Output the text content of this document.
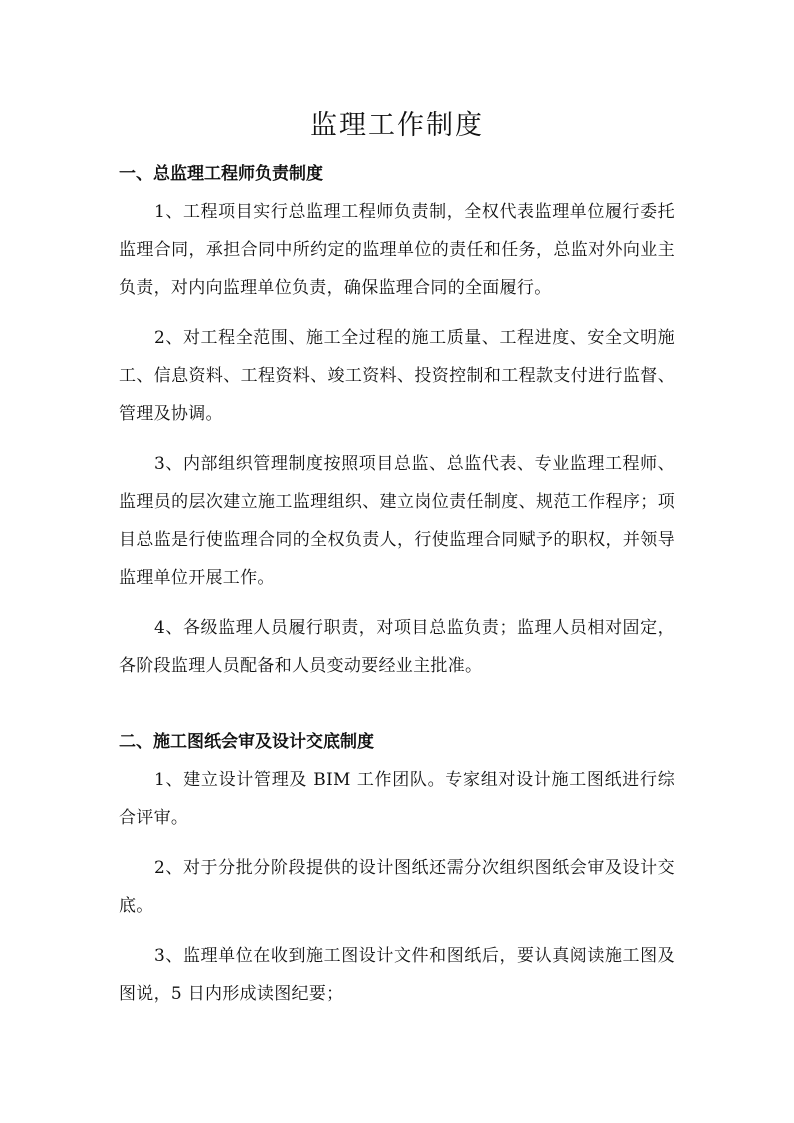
监理工作制度

一、总监理工程师负责制度

1、工程项目实行总监理工程师负责制，全权代表监理单位履行委托监理合同，承担合同中所约定的监理单位的责任和任务，总监对外向业主负责，对内向监理单位负责，确保监理合同的全面履行。

2、对工程全范围、施工全过程的施工质量、工程进度、安全文明施工、信息资料、工程资料、竣工资料、投资控制和工程款支付进行监督、管理及协调。

3、内部组织管理制度按照项目总监、总监代表、专业监理工程师、监理员的层次建立施工监理组织、建立岗位责任制度、规范工作程序；项目总监是行使监理合同的全权负责人，行使监理合同赋予的职权，并领导监理单位开展工作。

4、各级监理人员履行职责，对项目总监负责；监理人员相对固定，各阶段监理人员配备和人员变动要经业主批准。

二、施工图纸会审及设计交底制度

1、建立设计管理及 BIM 工作团队。专家组对设计施工图纸进行综合评审。

2、对于分批分阶段提供的设计图纸还需分次组织图纸会审及设计交底。

3、监理单位在收到施工图设计文件和图纸后，要认真阅读施工图及图说，5 日内形成读图纪要；
